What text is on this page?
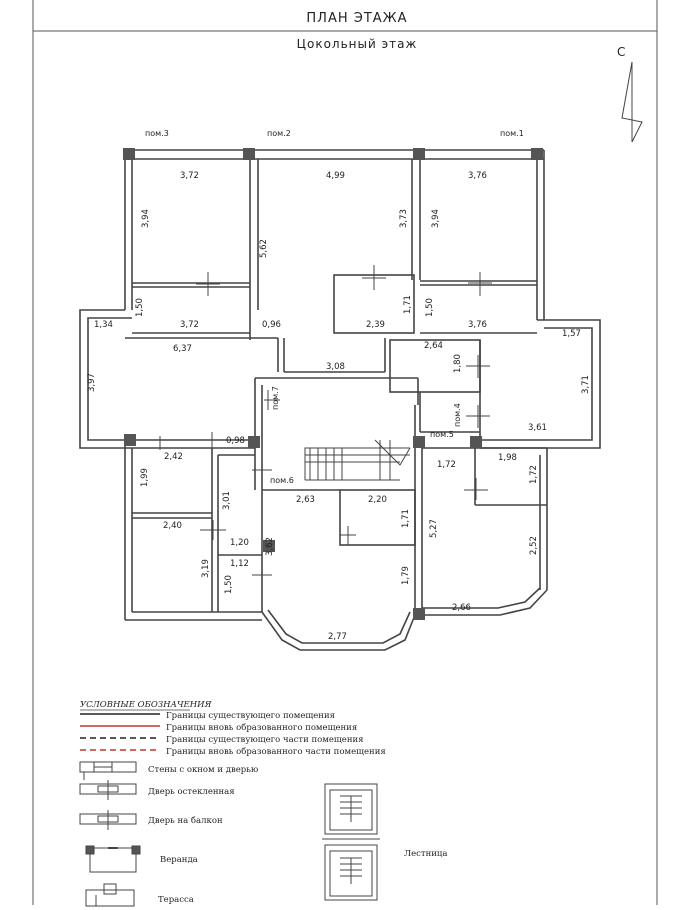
ПЛАН ЭТАЖА
Цокольный этаж
С
пом.3	пом.2	пом.1
пом.7
пом.4
пом.5
пом.6
3,72
3,94
1,50
3,72
4,99
5,62
3,73
0,96
3,76
3,94
1,50
3,76
1,71
2,39
1,34
6,37
3,97
3,08
2,64
1,80
1,57
3,71
3,61
0,98
2,42
1,99
3,01
2,40
1,20
3,19 1,12
1,50
2,63
3,62
2,20
1,71
1,79
2,77
1,72
1,98
1,72
5,27
2,52
2,66
УСЛОВНЫЕ ОБОЗНАЧЕНИЯ
Границы существующего помещения
Границы вновь образованного помещения
Границы существующего части помещения
Границы вновь образованного части помещения
Стены с окном и дверью
Дверь остекленная
Дверь на балкон
Веранда
Терасса
Лестница
